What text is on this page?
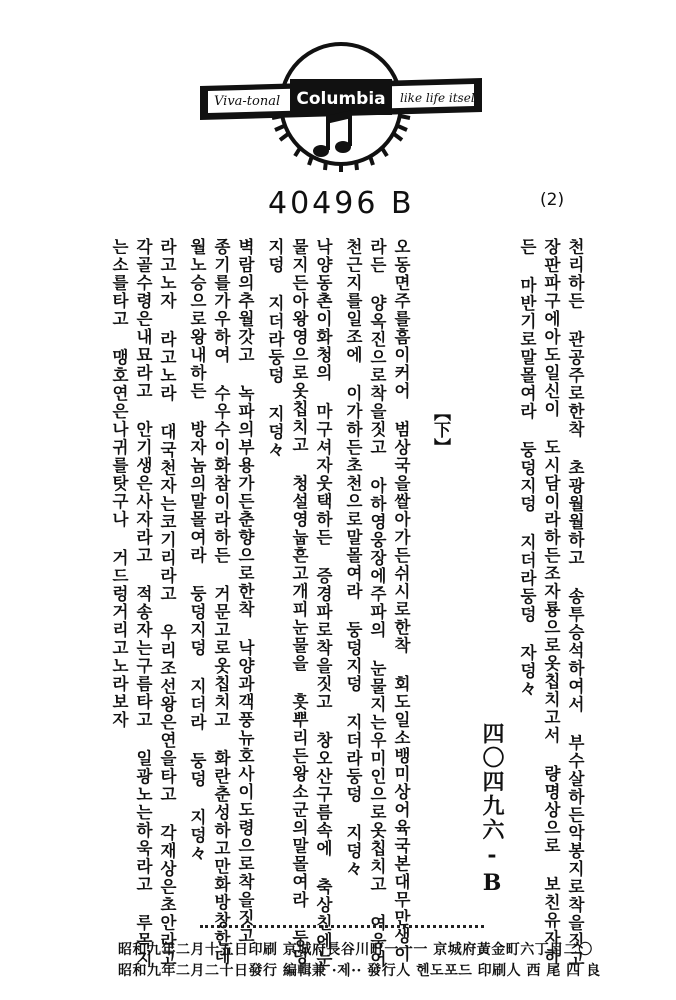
Viva-tonal Columbia like life itself
40496 B	(2)
천리하든 관공주로한착 초광월월하고 송투승석하여서 부수살하든악봉지로착을짓고
장판파구에아도일신이 도시담이라하든조자룡으로옷칩치고서 량명상으로 보친유자하
든 마반기로말몰여라 둥덩지덩 지더라둥덩 자덩々
【下】
四〇四九六-B
오동면주를흠이커어 범상국을쌀아가든쉬시로한착 회도일소뱅미상어육국본대무만생이
라든 양옥진으로착을짓고 아하영웅장에주파의 눈물지는우미인으로옷칩치고 여웅어
천근지를일조에 이가하든초천으로말몰여라 둥덩지덩 지더라둥덩 지덩々
낙양동촌이화청의 마구셔자웃택하든 증경파로착을짓고 창오산구름속에 축상친에눈
물지든아왕영으로옷칩치고 청설영눕흔고개피눈물을 흣뿌리든왕소군의말몰여라 둥덩
지덩 지더라둥덩 지덩々
벽람의추월갓고 녹파의부용가든춘향으로한착 낙양과객풍뉴호사이도령으로착을짓고
종기를가우하여 수우수이화참이라하든 거문고로옷칩치고 화란춘성하고만화방창한데
월노승으로왕내하든 방자놈의말몰여라 둥덩지덩 지더라 둥덩 지덩々
라고노자 라고노라 대국천자는코기리라고 우리조선왕은연을타고 각재상은초안라고
각골수령은내묘라고 안기생은사자라고 적송자는구름타고 일광노는하욱라고 루목지
는소를타고 맹호연은나귀를탓구나 거드렁거리고노라보자
昭和九年二月十五日印刷 京城府長谷川町一一一 京城府黃金町六丁目二〇
昭和九年二月二十日發行 編輯兼 ·제·· 發行人 헨도포드 印刷人 西 尾 四 良
